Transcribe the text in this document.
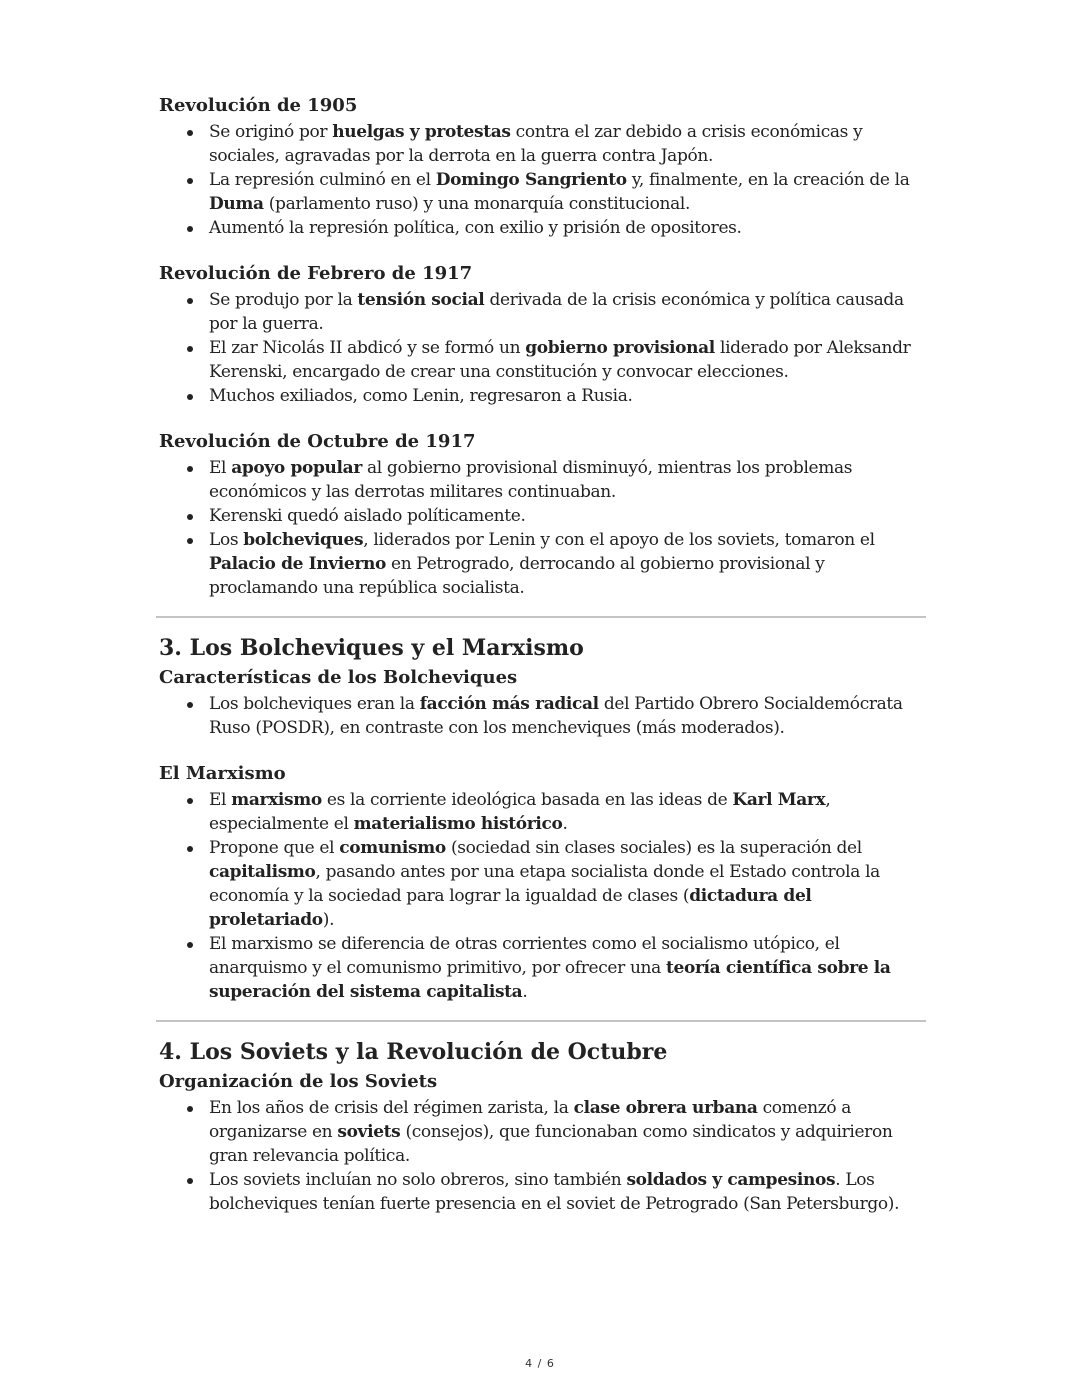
Revolución de 1905
Se originó por huelgas y protestas contra el zar debido a crisis económicas y sociales, agravadas por la derrota en la guerra contra Japón.
La represión culminó en el Domingo Sangriento y, finalmente, en la creación de la Duma (parlamento ruso) y una monarquía constitucional.
Aumentó la represión política, con exilio y prisión de opositores.
Revolución de Febrero de 1917
Se produjo por la tensión social derivada de la crisis económica y política causada por la guerra.
El zar Nicolás II abdicó y se formó un gobierno provisional liderado por Aleksandr Kerenski, encargado de crear una constitución y convocar elecciones.
Muchos exiliados, como Lenin, regresaron a Rusia.
Revolución de Octubre de 1917
El apoyo popular al gobierno provisional disminuyó, mientras los problemas económicos y las derrotas militares continuaban.
Kerenski quedó aislado políticamente.
Los bolcheviques, liderados por Lenin y con el apoyo de los soviets, tomaron el Palacio de Invierno en Petrogrado, derrocando al gobierno provisional y proclamando una república socialista.
3. Los Bolcheviques y el Marxismo
Características de los Bolcheviques
Los bolcheviques eran la facción más radical del Partido Obrero Socialdemócrata Ruso (POSDR), en contraste con los mencheviques (más moderados).
El Marxismo
El marxismo es la corriente ideológica basada en las ideas de Karl Marx, especialmente el materialismo histórico.
Propone que el comunismo (sociedad sin clases sociales) es la superación del capitalismo, pasando antes por una etapa socialista donde el Estado controla la economía y la sociedad para lograr la igualdad de clases (dictadura del proletariado).
El marxismo se diferencia de otras corrientes como el socialismo utópico, el anarquismo y el comunismo primitivo, por ofrecer una teoría científica sobre la superación del sistema capitalista.
4. Los Soviets y la Revolución de Octubre
Organización de los Soviets
En los años de crisis del régimen zarista, la clase obrera urbana comenzó a organizarse en soviets (consejos), que funcionaban como sindicatos y adquirieron gran relevancia política.
Los soviets incluían no solo obreros, sino también soldados y campesinos. Los bolcheviques tenían fuerte presencia en el soviet de Petrogrado (San Petersburgo).
4 / 6
